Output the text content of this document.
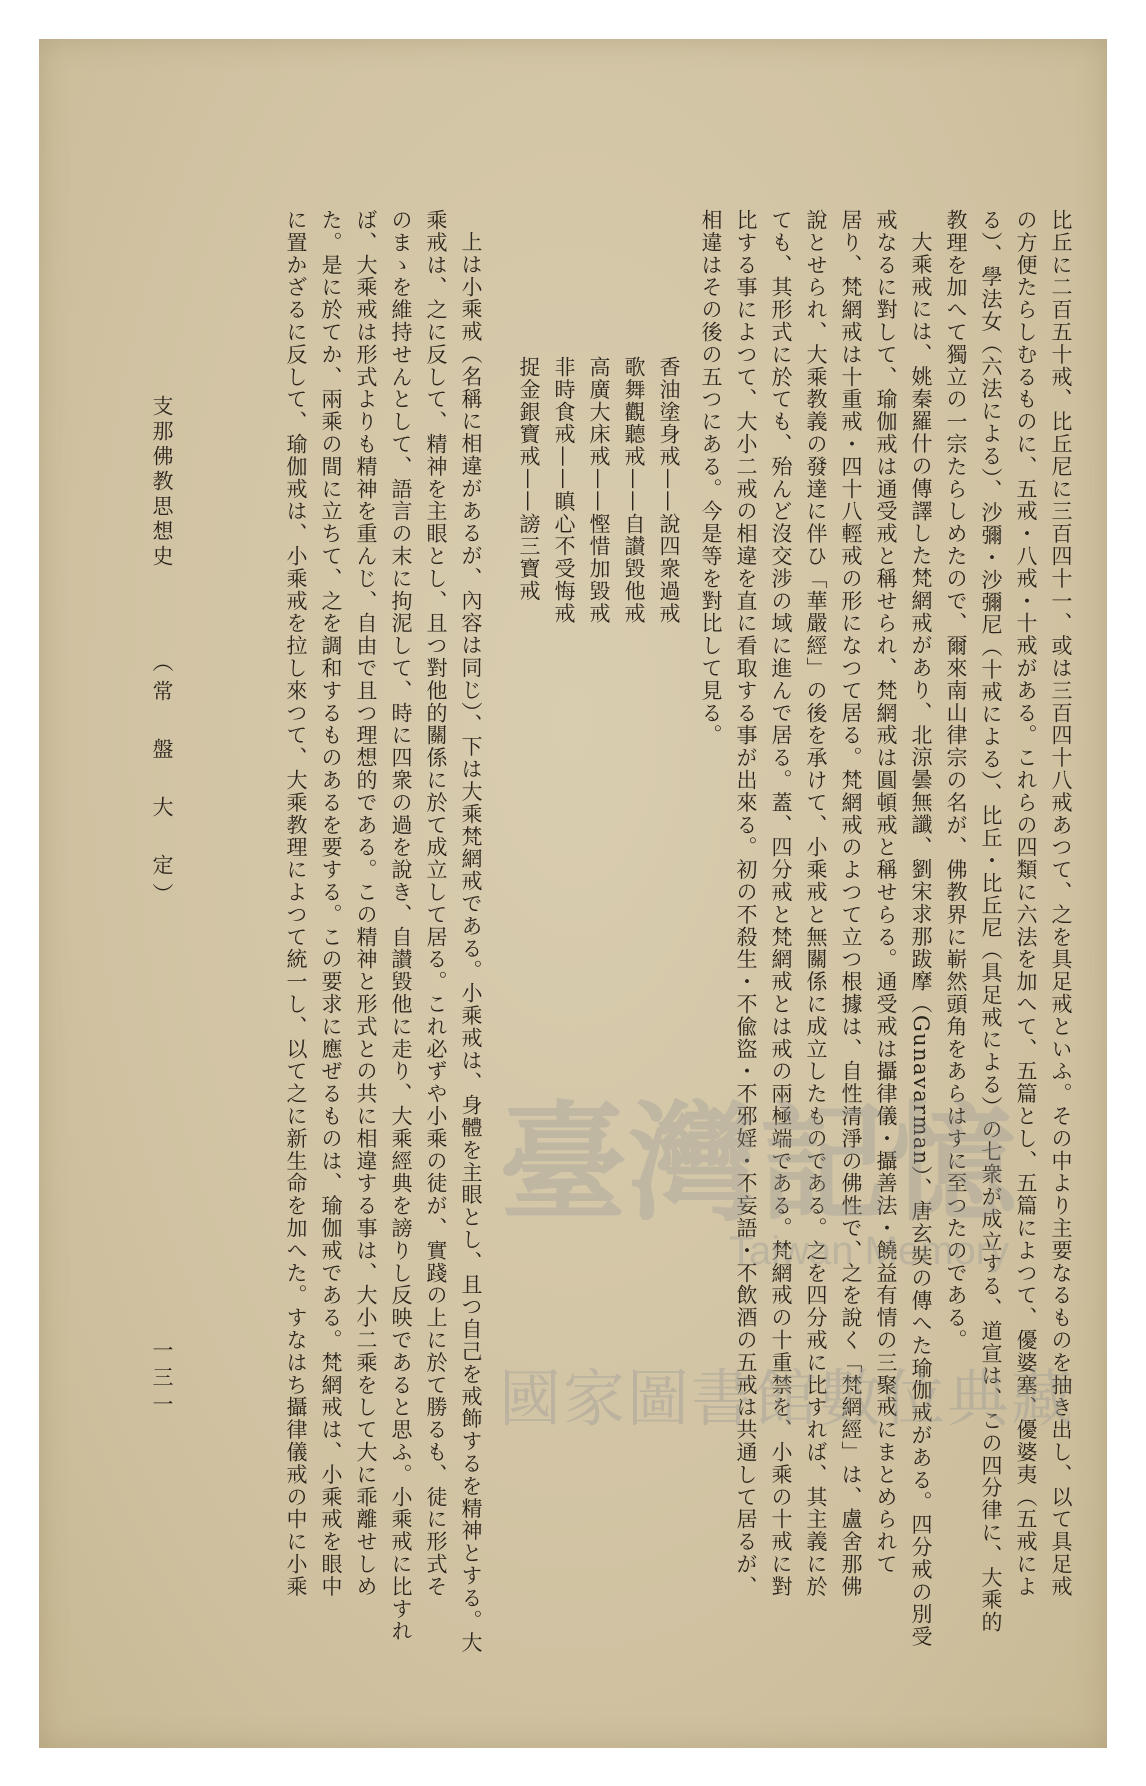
比丘に二百五十戒、比丘尼に三百四十一、或は三百四十八戒あつて、之を具足戒といふ。その中より主要なるものを抽き出し、以て具足戒
の方便たらしむるものに、五戒・八戒・十戒がある。これらの四類に六法を加へて、五篇とし、五篇によつて、優婆塞、優婆夷（五戒によ
る）、學法女（六法による）、沙彌・沙彌尼（十戒による）、比丘・比丘尼（具足戒による）の七衆が成立する、道宣は、この四分律に、大乘的
教理を加へて獨立の一宗たらしめたので、爾來南山律宗の名が、佛教界に嶄然頭角をあらはすに至つたのである。
大乘戒には、姚秦羅什の傳譯した梵網戒があり、北涼曇無讖、劉宋求那跋摩（Gunavarman）、唐玄奘の傳へた瑜伽戒がある。四分戒の別受
戒なるに對して、瑜伽戒は通受戒と稱せられ、梵網戒は圓頓戒と稱せらる。通受戒は攝律儀・攝善法・饒益有情の三聚戒にまとめられて
居り、梵網戒は十重戒・四十八輕戒の形になつて居る。梵網戒のよつて立つ根據は、自性清淨の佛性で、之を說く「梵網經」は、盧舍那佛
說とせられ、大乘教義の發達に伴ひ「華嚴經」の後を承けて、小乘戒と無關係に成立したものである。之を四分戒に比すれば、其主義に於
ても、其形式に於ても、殆んど沒交涉の域に進んで居る。蓋、四分戒と梵網戒とは戒の兩極端である。梵網戒の十重禁を、小乘の十戒に對
比する事によつて、大小二戒の相違を直に看取する事が出來る。初の不殺生・不偸盜・不邪婬・不妄語・不飲酒の五戒は共通して居るが、
相違はその後の五つにある。今是等を對比して見る。
香油塗身戒——說四衆過戒
歌舞觀聽戒——自讃毀他戒
高廣大床戒——慳惜加毀戒
非時食戒——瞋心不受悔戒
捉金銀寶戒——謗三寶戒
上は小乘戒（名稱に相違があるが、內容は同じ）、下は大乘梵網戒である。小乘戒は、身體を主眼とし、且つ自己を戒飾するを精神とする。大
乘戒は、之に反して、精神を主眼とし、且つ對他的關係に於て成立して居る。これ必ずや小乘の徒が、實踐の上に於て勝るも、徒に形式そ
のまゝを維持せんとして、語言の末に拘泥して、時に四衆の過を說き、自讃毀他に走り、大乘經典を謗りし反映であると思ふ。小乘戒に比すれ
ば、大乘戒は形式よりも精神を重んじ、自由で且つ理想的である。この精神と形式との共に相違する事は、大小二乘をして大に乖離せしめ
た。是に於てか、兩乘の間に立ちて、之を調和するものあるを要する。この要求に應ぜるものは、瑜伽戒である。梵網戒は、小乘戒を眼中
に置かざるに反して、瑜伽戒は、小乘戒を拉し來つて、大乘教理によつて統一し、以て之に新生命を加へた。すなはち攝律儀戒の中に小乘
支那佛教思想史
（常　盤　大　定）
一三一
臺灣記憶
Taiwan Memory
國家圖書館數位典藏
